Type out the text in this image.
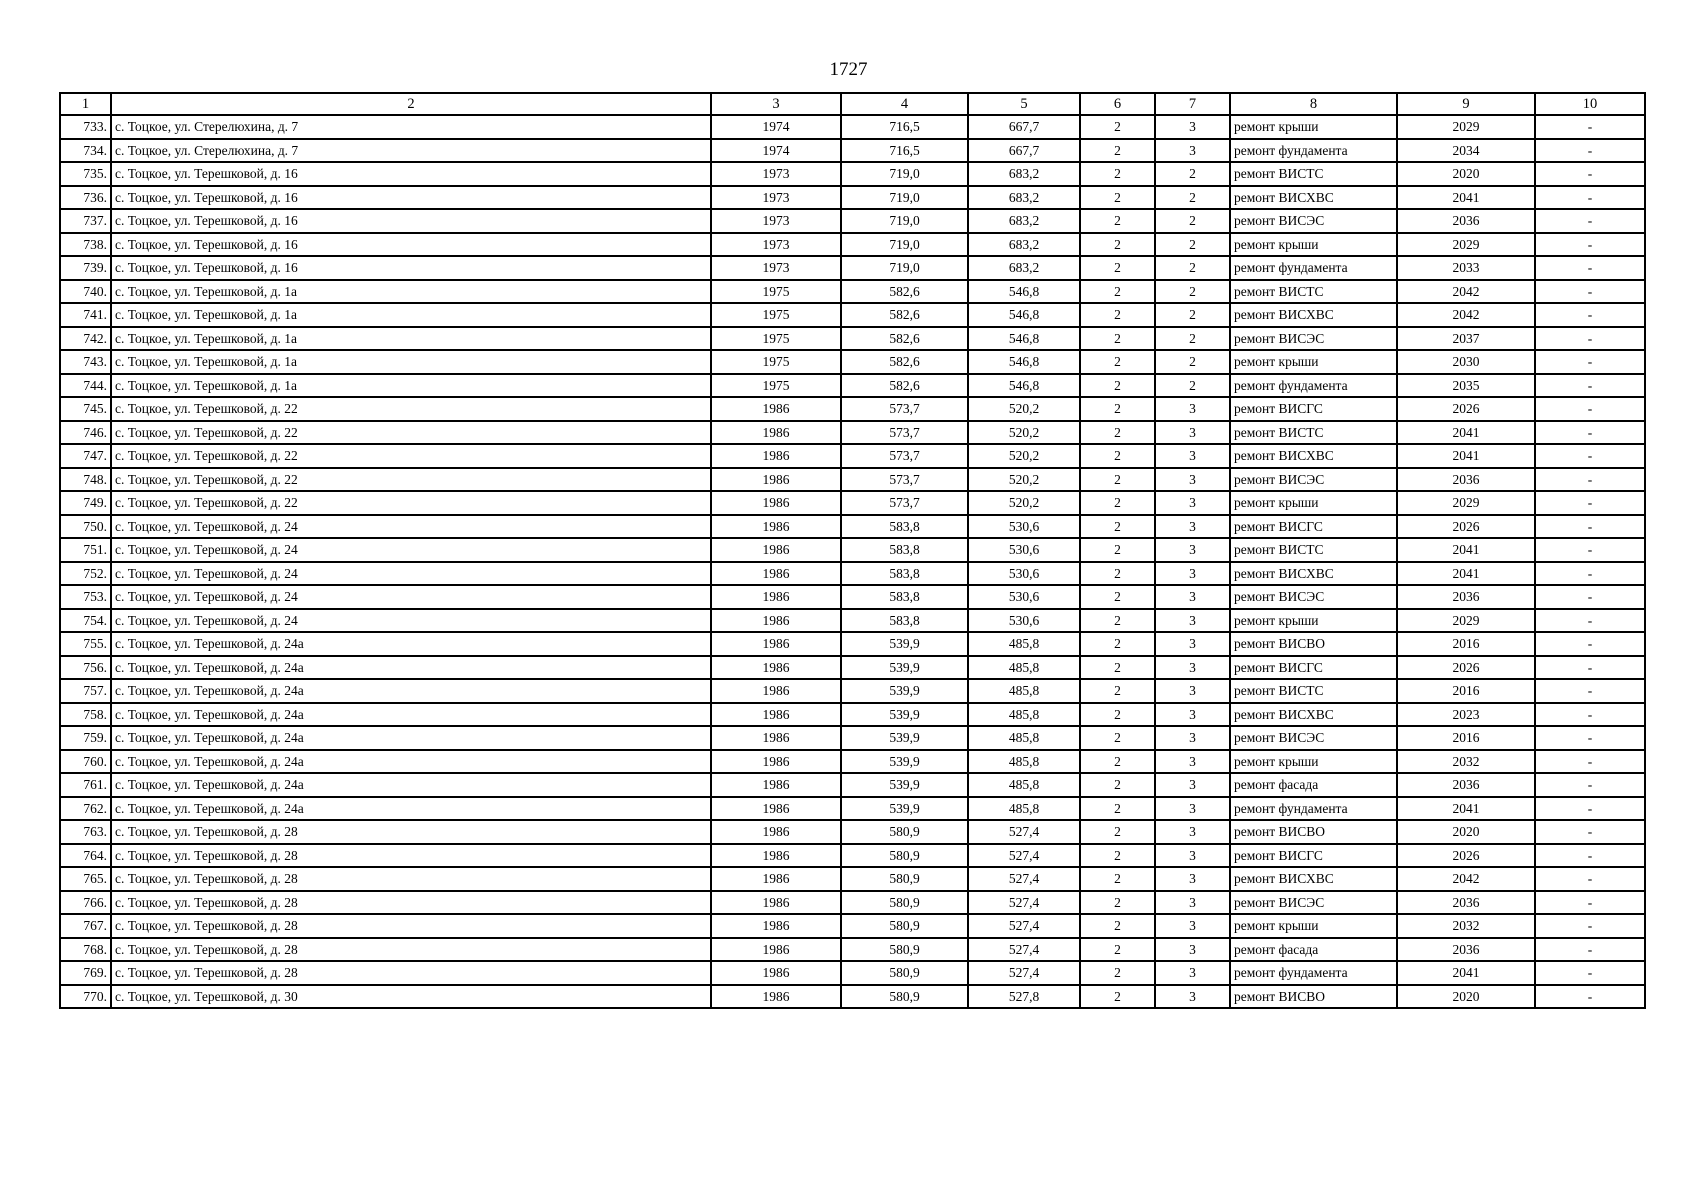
1727
1	2	3	4	5	6	7	8	9	10
733.	с. Тоцкое, ул. Стерелюхина, д. 7	1974	716,5	667,7	2	3	ремонт крыши	2029	-
734.	с. Тоцкое, ул. Стерелюхина, д. 7	1974	716,5	667,7	2	3	ремонт фундамента	2034	-
735.	с. Тоцкое, ул. Терешковой, д. 16	1973	719,0	683,2	2	2	ремонт ВИСТС	2020	-
736.	с. Тоцкое, ул. Терешковой, д. 16	1973	719,0	683,2	2	2	ремонт ВИСХВС	2041	-
737.	с. Тоцкое, ул. Терешковой, д. 16	1973	719,0	683,2	2	2	ремонт ВИСЭС	2036	-
738.	с. Тоцкое, ул. Терешковой, д. 16	1973	719,0	683,2	2	2	ремонт крыши	2029	-
739.	с. Тоцкое, ул. Терешковой, д. 16	1973	719,0	683,2	2	2	ремонт фундамента	2033	-
740.	с. Тоцкое, ул. Терешковой, д. 1а	1975	582,6	546,8	2	2	ремонт ВИСТС	2042	-
741.	с. Тоцкое, ул. Терешковой, д. 1а	1975	582,6	546,8	2	2	ремонт ВИСХВС	2042	-
742.	с. Тоцкое, ул. Терешковой, д. 1а	1975	582,6	546,8	2	2	ремонт ВИСЭС	2037	-
743.	с. Тоцкое, ул. Терешковой, д. 1а	1975	582,6	546,8	2	2	ремонт крыши	2030	-
744.	с. Тоцкое, ул. Терешковой, д. 1а	1975	582,6	546,8	2	2	ремонт фундамента	2035	-
745.	с. Тоцкое, ул. Терешковой, д. 22	1986	573,7	520,2	2	3	ремонт ВИСГС	2026	-
746.	с. Тоцкое, ул. Терешковой, д. 22	1986	573,7	520,2	2	3	ремонт ВИСТС	2041	-
747.	с. Тоцкое, ул. Терешковой, д. 22	1986	573,7	520,2	2	3	ремонт ВИСХВС	2041	-
748.	с. Тоцкое, ул. Терешковой, д. 22	1986	573,7	520,2	2	3	ремонт ВИСЭС	2036	-
749.	с. Тоцкое, ул. Терешковой, д. 22	1986	573,7	520,2	2	3	ремонт крыши	2029	-
750.	с. Тоцкое, ул. Терешковой, д. 24	1986	583,8	530,6	2	3	ремонт ВИСГС	2026	-
751.	с. Тоцкое, ул. Терешковой, д. 24	1986	583,8	530,6	2	3	ремонт ВИСТС	2041	-
752.	с. Тоцкое, ул. Терешковой, д. 24	1986	583,8	530,6	2	3	ремонт ВИСХВС	2041	-
753.	с. Тоцкое, ул. Терешковой, д. 24	1986	583,8	530,6	2	3	ремонт ВИСЭС	2036	-
754.	с. Тоцкое, ул. Терешковой, д. 24	1986	583,8	530,6	2	3	ремонт крыши	2029	-
755.	с. Тоцкое, ул. Терешковой, д. 24а	1986	539,9	485,8	2	3	ремонт ВИСВО	2016	-
756.	с. Тоцкое, ул. Терешковой, д. 24а	1986	539,9	485,8	2	3	ремонт ВИСГС	2026	-
757.	с. Тоцкое, ул. Терешковой, д. 24а	1986	539,9	485,8	2	3	ремонт ВИСТС	2016	-
758.	с. Тоцкое, ул. Терешковой, д. 24а	1986	539,9	485,8	2	3	ремонт ВИСХВС	2023	-
759.	с. Тоцкое, ул. Терешковой, д. 24а	1986	539,9	485,8	2	3	ремонт ВИСЭС	2016	-
760.	с. Тоцкое, ул. Терешковой, д. 24а	1986	539,9	485,8	2	3	ремонт крыши	2032	-
761.	с. Тоцкое, ул. Терешковой, д. 24а	1986	539,9	485,8	2	3	ремонт фасада	2036	-
762.	с. Тоцкое, ул. Терешковой, д. 24а	1986	539,9	485,8	2	3	ремонт фундамента	2041	-
763.	с. Тоцкое, ул. Терешковой, д. 28	1986	580,9	527,4	2	3	ремонт ВИСВО	2020	-
764.	с. Тоцкое, ул. Терешковой, д. 28	1986	580,9	527,4	2	3	ремонт ВИСГС	2026	-
765.	с. Тоцкое, ул. Терешковой, д. 28	1986	580,9	527,4	2	3	ремонт ВИСХВС	2042	-
766.	с. Тоцкое, ул. Терешковой, д. 28	1986	580,9	527,4	2	3	ремонт ВИСЭС	2036	-
767.	с. Тоцкое, ул. Терешковой, д. 28	1986	580,9	527,4	2	3	ремонт крыши	2032	-
768.	с. Тоцкое, ул. Терешковой, д. 28	1986	580,9	527,4	2	3	ремонт фасада	2036	-
769.	с. Тоцкое, ул. Терешковой, д. 28	1986	580,9	527,4	2	3	ремонт фундамента	2041	-
770.	с. Тоцкое, ул. Терешковой, д. 30	1986	580,9	527,8	2	3	ремонт ВИСВО	2020	-
